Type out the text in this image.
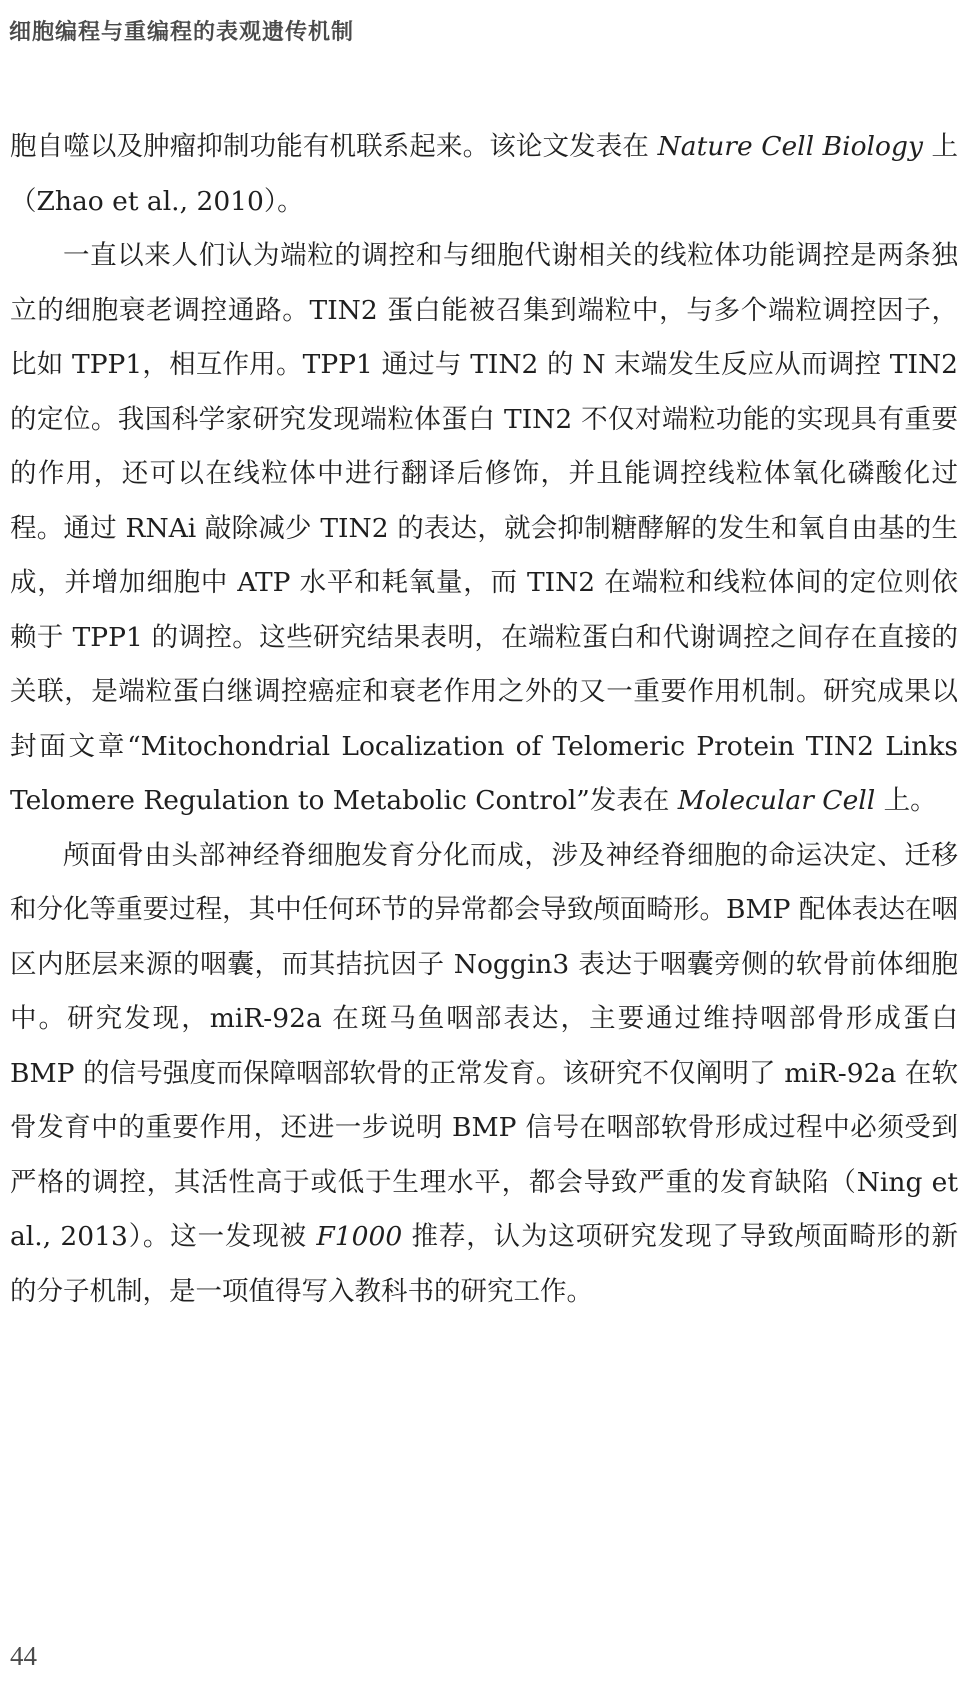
细胞编程与重编程的表观遗传机制

胞自噬以及肿瘤抑制功能有机联系起来。该论文发表在 Nature Cell Biology 上（Zhao et al., 2010）。

一直以来人们认为端粒的调控和与细胞代谢相关的线粒体功能调控是两条独立的细胞衰老调控通路。TIN2 蛋白能被召集到端粒中，与多个端粒调控因子，比如 TPP1，相互作用。TPP1 通过与 TIN2 的 N 末端发生反应从而调控 TIN2 的定位。我国科学家研究发现端粒体蛋白 TIN2 不仅对端粒功能的实现具有重要的作用，还可以在线粒体中进行翻译后修饰，并且能调控线粒体氧化磷酸化过程。通过 RNAi 敲除减少 TIN2 的表达，就会抑制糖酵解的发生和氧自由基的生成，并增加细胞中 ATP 水平和耗氧量，而 TIN2 在端粒和线粒体间的定位则依赖于 TPP1 的调控。这些研究结果表明，在端粒蛋白和代谢调控之间存在直接的关联，是端粒蛋白继调控癌症和衰老作用之外的又一重要作用机制。研究成果以封面文章“Mitochondrial Localization of Telomeric Protein TIN2 Links Telomere Regulation to Metabolic Control”发表在 Molecular Cell 上。

颅面骨由头部神经脊细胞发育分化而成，涉及神经脊细胞的命运决定、迁移和分化等重要过程，其中任何环节的异常都会导致颅面畸形。BMP 配体表达在咽区内胚层来源的咽囊，而其拮抗因子 Noggin3 表达于咽囊旁侧的软骨前体细胞中。研究发现，miR-92a 在斑马鱼咽部表达，主要通过维持咽部骨形成蛋白 BMP 的信号强度而保障咽部软骨的正常发育。该研究不仅阐明了 miR-92a 在软骨发育中的重要作用，还进一步说明 BMP 信号在咽部软骨形成过程中必须受到严格的调控，其活性高于或低于生理水平，都会导致严重的发育缺陷（Ning et al., 2013）。这一发现被 F1000 推荐，认为这项研究发现了导致颅面畸形的新的分子机制，是一项值得写入教科书的研究工作。

44
